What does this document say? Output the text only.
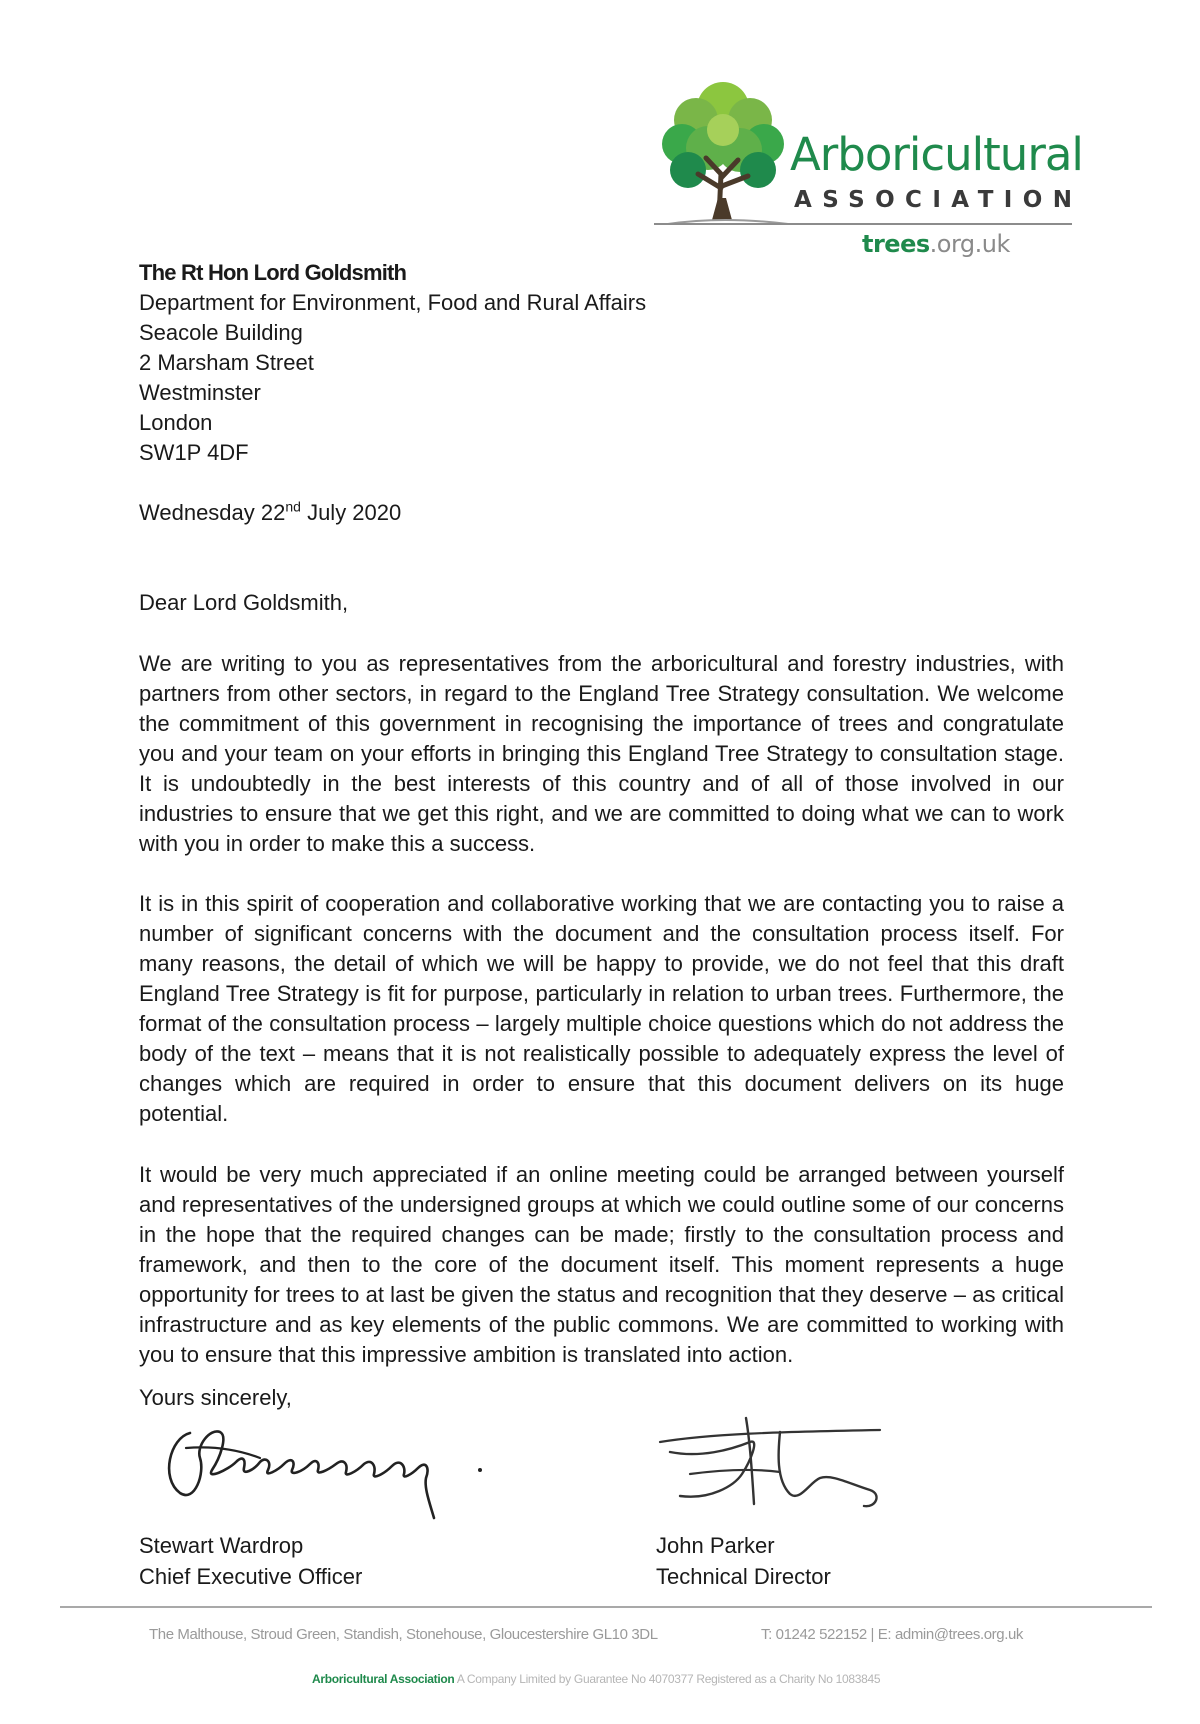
Arboricultural
ASSOCIATION
trees.org.uk
The Rt Hon Lord Goldsmith
Department for Environment, Food and Rural Affairs
Seacole Building
2 Marsham Street
Westminster
London
SW1P 4DF
Wednesday 22nd July 2020
Dear Lord Goldsmith,

We are writing to you as representatives from the arboricultural and forestry industries, with partners from other sectors, in regard to the England Tree Strategy consultation. We welcome the commitment of this government in recognising the importance of trees and congratulate you and your team on your efforts in bringing this England Tree Strategy to consultation stage. It is undoubtedly in the best interests of this country and of all of those involved in our industries to ensure that we get this right, and we are committed to doing what we can to work with you in order to make this a success.

It is in this spirit of cooperation and collaborative working that we are contacting you to raise a number of significant concerns with the document and the consultation process itself. For many reasons, the detail of which we will be happy to provide, we do not feel that this draft England Tree Strategy is fit for purpose, particularly in relation to urban trees. Furthermore, the format of the consultation process – largely multiple choice questions which do not address the body of the text – means that it is not realistically possible to adequately express the level of changes which are required in order to ensure that this document delivers on its huge potential.

It would be very much appreciated if an online meeting could be arranged between yourself and representatives of the undersigned groups at which we could outline some of our concerns in the hope that the required changes can be made; firstly to the consultation process and framework, and then to the core of the document itself. This moment represents a huge opportunity for trees to at last be given the status and recognition that they deserve – as critical infrastructure and as key elements of the public commons. We are committed to working with you to ensure that this impressive ambition is translated into action.

Yours sincerely,
Stewart Wardrop
Chief Executive Officer
John Parker
Technical Director
The Malthouse, Stroud Green, Standish, Stonehouse, Gloucestershire GL10 3DL	T: 01242 522152 | E: admin@trees.org.uk
Arboricultural Association A Company Limited by Guarantee No 4070377 Registered as a Charity No 1083845
